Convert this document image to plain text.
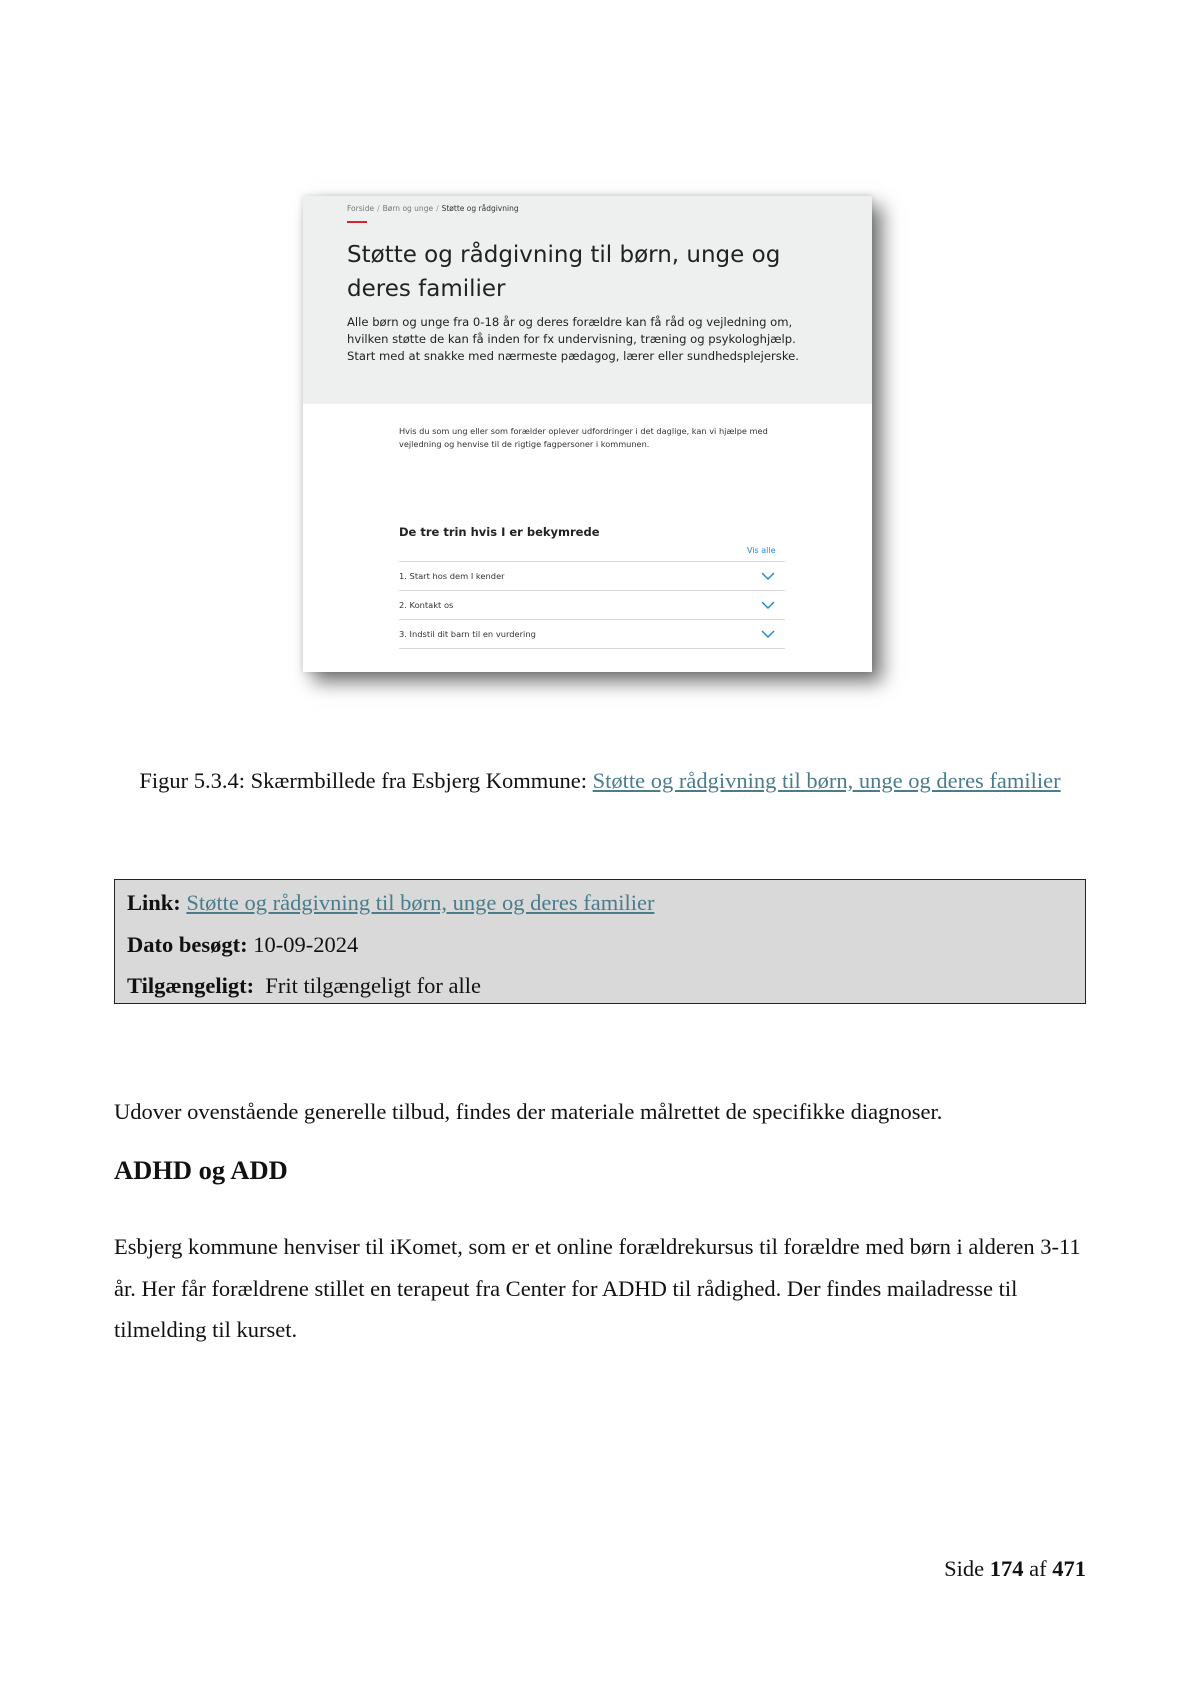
Forside / Børn og unge / Støtte og rådgivning
Støtte og rådgivning til børn, unge og deres familier

Alle børn og unge fra 0-18 år og deres forældre kan få råd og vejledning om, hvilken støtte de kan få inden for fx undervisning, træning og psykologhjælp. Start med at snakke med nærmeste pædagog, lærer eller sundhedsplejerske.

Hvis du som ung eller som forælder oplever udfordringer i det daglige, kan vi hjælpe med vejledning og henvise til de rigtige fagpersoner i kommunen.

De tre trin hvis I er bekymrede
Vis alle
1. Start hos dem I kender
2. Kontakt os
3. Indstil dit barn til en vurdering

Figur 5.3.4: Skærmbillede fra Esbjerg Kommune: Støtte og rådgivning til børn, unge og deres familier

Link: Støtte og rådgivning til børn, unge og deres familier

Dato besøgt: 10-09-2024

Tilgængeligt: Frit tilgængeligt for alle

Udover ovenstående generelle tilbud, findes der materiale målrettet de specifikke diagnoser.

ADHD og ADD

Esbjerg kommune henviser til iKomet, som er et online forældrekursus til forældre med børn i alderen 3-11 år. Her får forældrene stillet en terapeut fra Center for ADHD til rådighed. Der findes mailadresse til tilmelding til kurset.

Side 174 af 471
